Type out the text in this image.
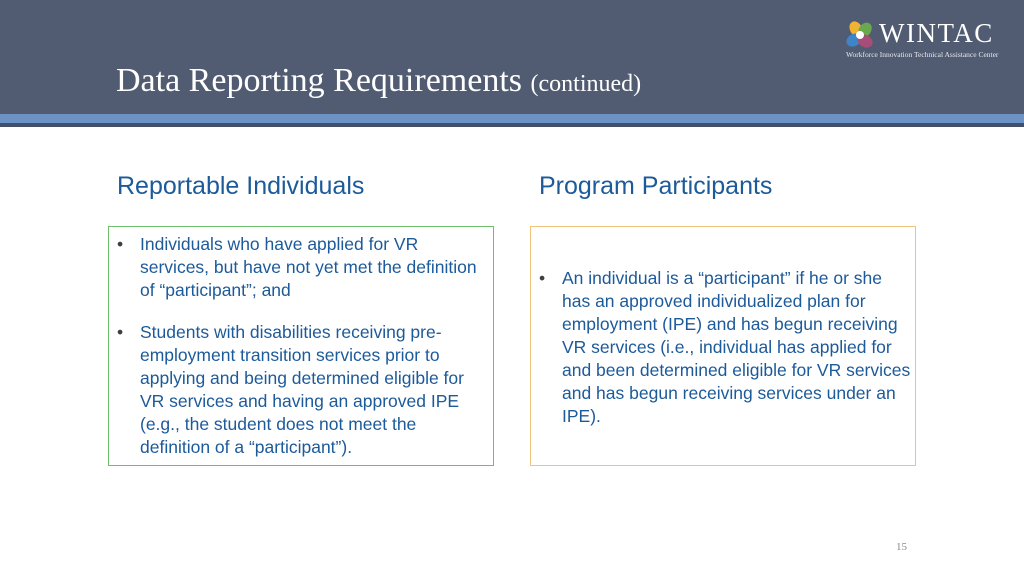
Data Reporting Requirements (continued)
WINTAC
Workforce Innovation Technical Assistance Center
Reportable Individuals	Program Participants
• Individuals who have applied for VR services, but have not yet met the definition of “participant”; and
• Students with disabilities receiving pre-employment transition services prior to applying and being determined eligible for VR services and having an approved IPE (e.g., the student does not meet the definition of a “participant”).
• An individual is a “participant” if he or she has an approved individualized plan for employment (IPE) and has begun receiving VR services (i.e., individual has applied for and been determined eligible for VR services and has begun receiving services under an IPE).
15
